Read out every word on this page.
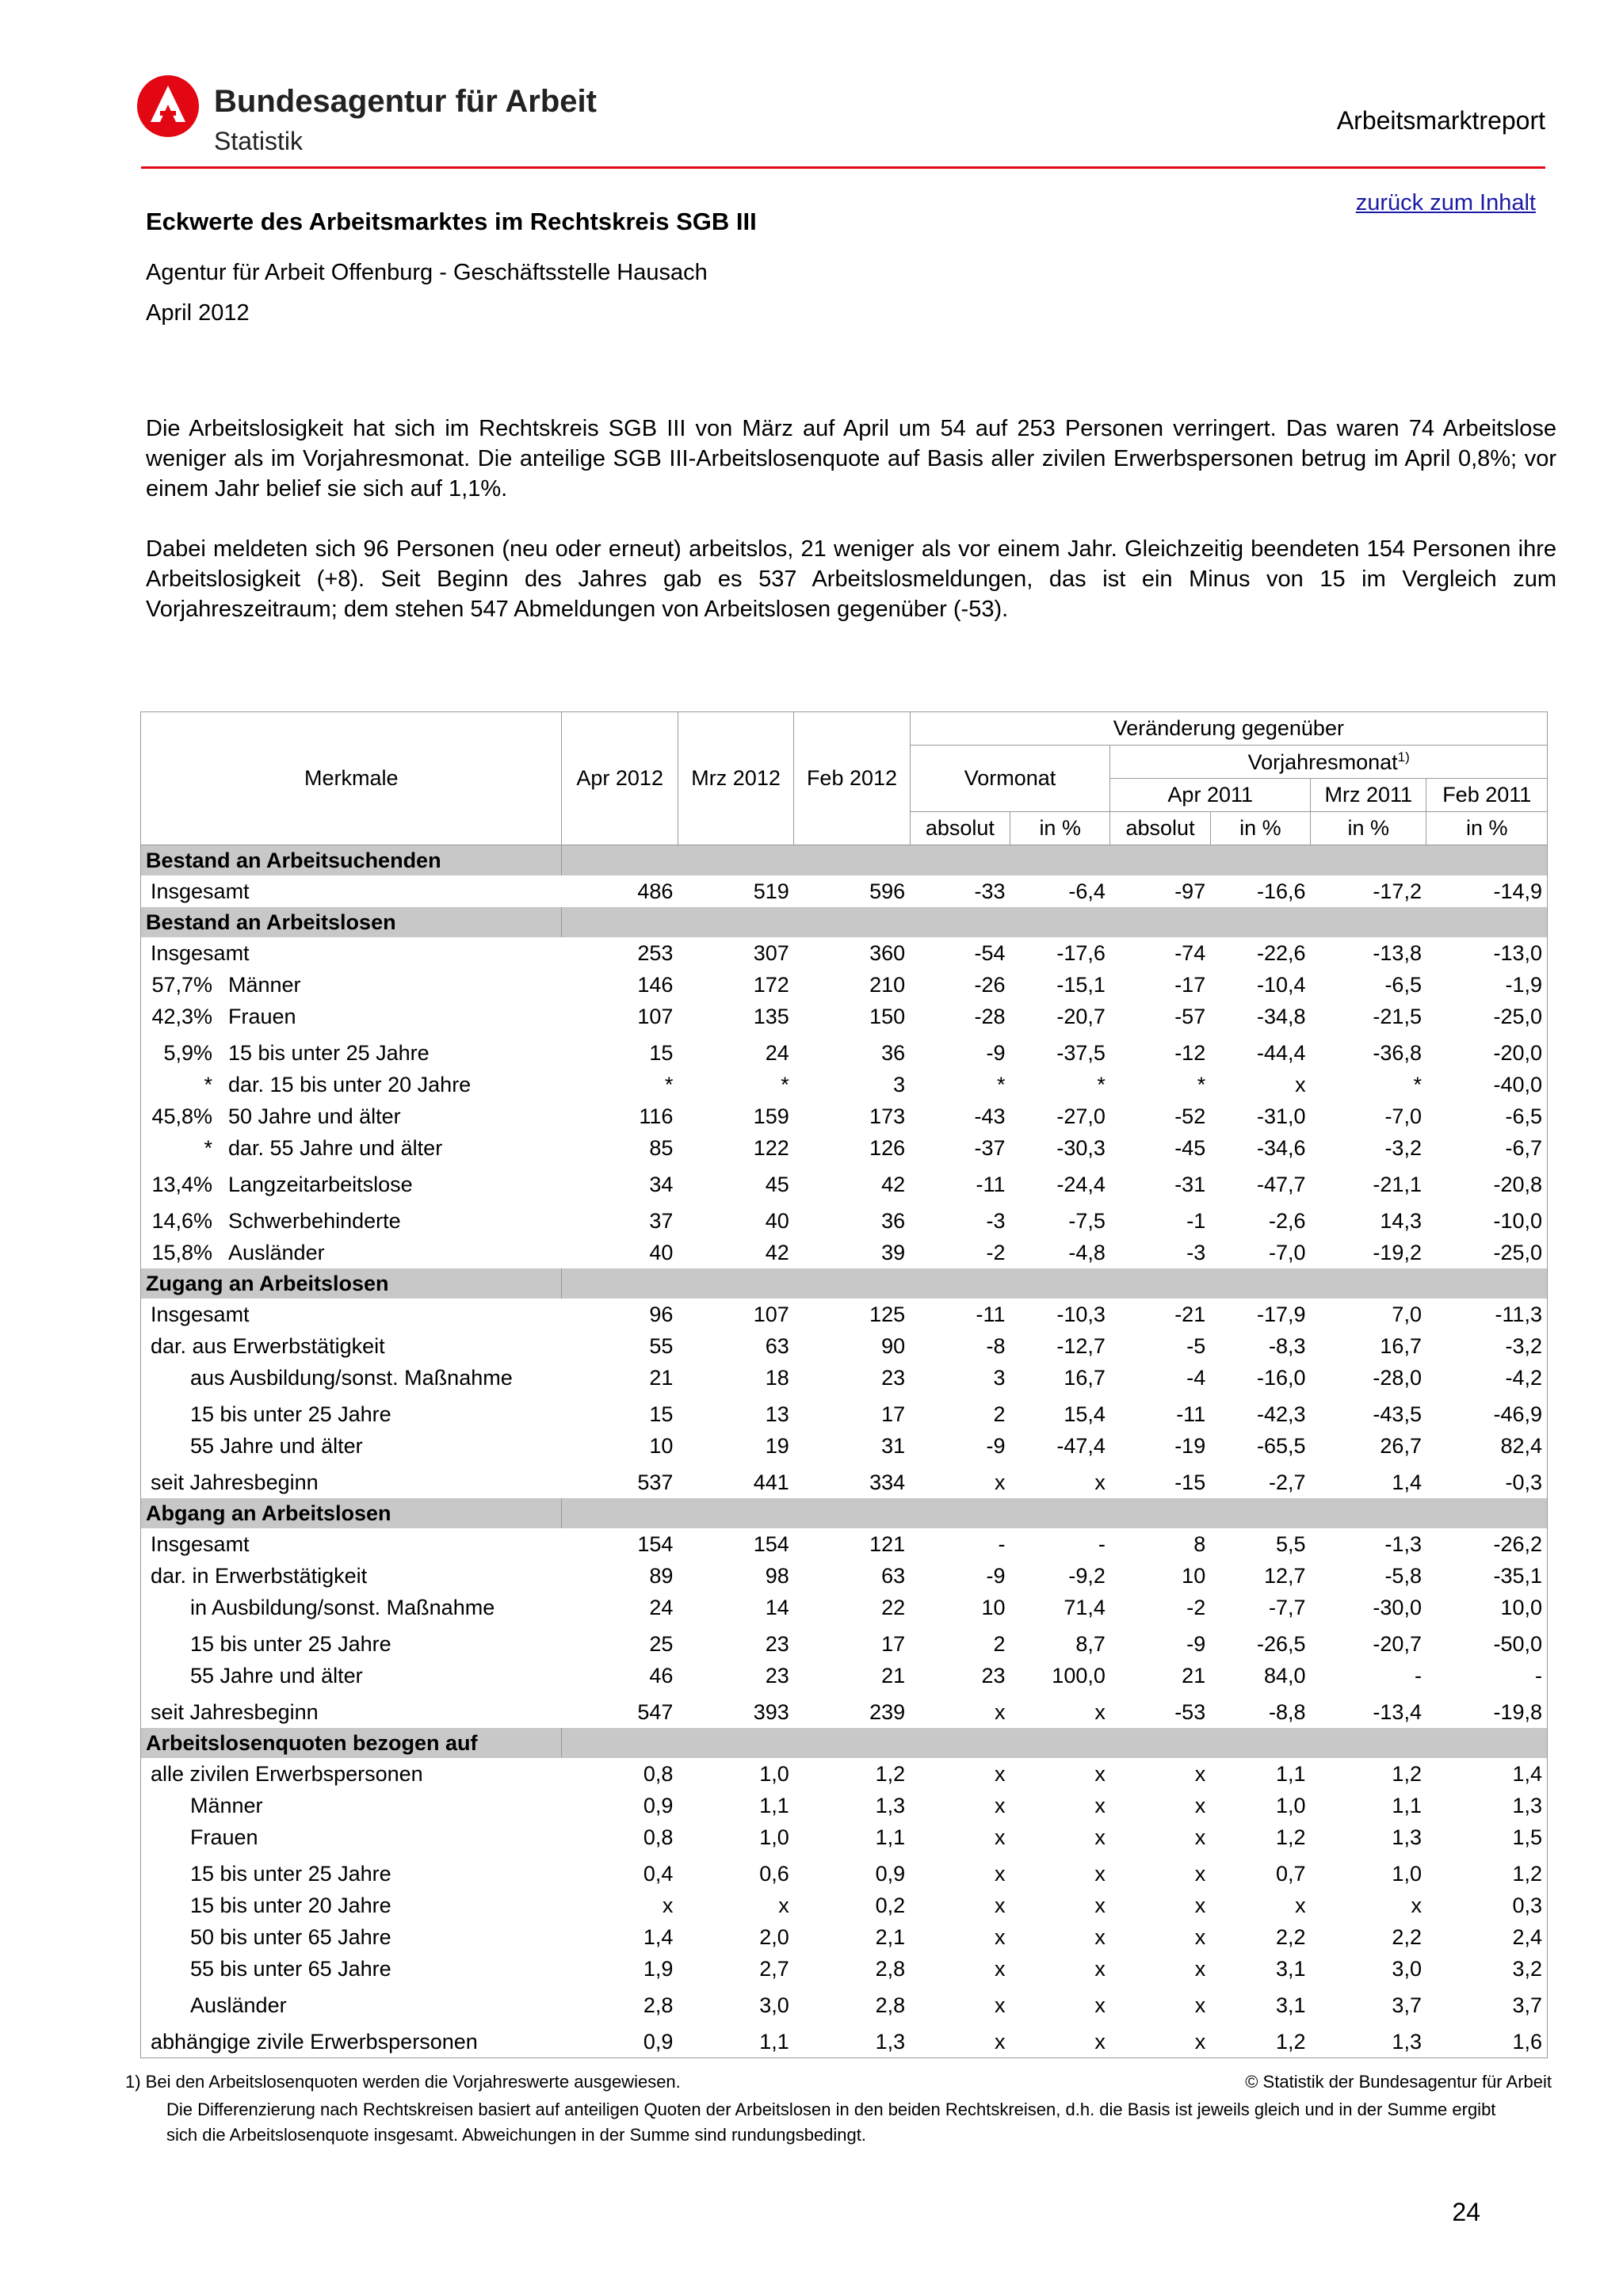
Bundesagentur für Arbeit
Statistik
Arbeitsmarktreport
zurück zum Inhalt
Eckwerte des Arbeitsmarktes im Rechtskreis SGB III
Agentur für Arbeit Offenburg - Geschäftsstelle Hausach
April 2012

Die Arbeitslosigkeit hat sich im Rechtskreis SGB III von März auf April um 54 auf 253 Personen verringert. Das waren 74 Arbeitslose weniger als im Vorjahresmonat. Die anteilige SGB III-Arbeitslosenquote auf Basis aller zivilen Erwerbspersonen betrug im April 0,8%; vor einem Jahr belief sie sich auf 1,1%.

Dabei meldeten sich 96 Personen (neu oder erneut) arbeitslos, 21 weniger als vor einem Jahr. Gleichzeitig beendeten 154 Personen ihre Arbeitslosigkeit (+8). Seit Beginn des Jahres gab es 537 Arbeitslosmeldungen, das ist ein Minus von 15 im Vergleich zum Vorjahreszeitraum; dem stehen 547 Abmeldungen von Arbeitslosen gegenüber (-53).

Merkmale	Apr 2012	Mrz 2012	Feb 2012	Veränderung gegenüber					
				Vormonat		Vorjahresmonat$^{1)}$
						Apr 2011		Mrz 2011	Feb 2011
				absolut	in %	absolut	in %	in %	in %
Bestand an Arbeitsuchenden									
Insgesamt	486	519	596	-33	-6,4	-97	-16,6	-17,2	-14,9
Bestand an Arbeitslosen									
Insgesamt	253	307	360	-54	-17,6	-74	-22,6	-13,8	-13,0
57,7% Männer	146	172	210	-26	-15,1	-17	-10,4	-6,5	-1,9
42,3% Frauen	107	135	150	-28	-20,7	-57	-34,8	-21,5	-25,0
5,9% 15 bis unter 25 Jahre	15	24	36	-9	-37,5	-12	-44,4	-36,8	-20,0
* dar. 15 bis unter 20 Jahre	*	*	3	*	*	*	x	*	-40,0
45,8% 50 Jahre und älter	116	159	173	-43	-27,0	-52	-31,0	-7,0	-6,5
* dar. 55 Jahre und älter	85	122	126	-37	-30,3	-45	-34,6	-3,2	-6,7
13,4% Langzeitarbeitslose	34	45	42	-11	-24,4	-31	-47,7	-21,1	-20,8
14,6% Schwerbehinderte	37	40	36	-3	-7,5	-1	-2,6	14,3	-10,0
15,8% Ausländer	40	42	39	-2	-4,8	-3	-7,0	-19,2	-25,0
Zugang an Arbeitslosen									
Insgesamt	96	107	125	-11	-10,3	-21	-17,9	7,0	-11,3
dar. aus Erwerbstätigkeit	55	63	90	-8	-12,7	-5	-8,3	16,7	-3,2
aus Ausbildung/sonst. Maßnahme	21	18	23	3	16,7	-4	-16,0	-28,0	-4,2
15 bis unter 25 Jahre	15	13	17	2	15,4	-11	-42,3	-43,5	-46,9
55 Jahre und älter	10	19	31	-9	-47,4	-19	-65,5	26,7	82,4
seit Jahresbeginn	537	441	334	x	x	-15	-2,7	1,4	-0,3
Abgang an Arbeitslosen									
Insgesamt	154	154	121	-	-	8	5,5	-1,3	-26,2
dar. in Erwerbstätigkeit	89	98	63	-9	-9,2	10	12,7	-5,8	-35,1
in Ausbildung/sonst. Maßnahme	24	14	22	10	71,4	-2	-7,7	-30,0	10,0
15 bis unter 25 Jahre	25	23	17	2	8,7	-9	-26,5	-20,7	-50,0
55 Jahre und älter	46	23	21	23	100,0	21	84,0	-	-
seit Jahresbeginn	547	393	239	x	x	-53	-8,8	-13,4	-19,8
Arbeitslosenquoten bezogen auf									
alle zivilen Erwerbspersonen	0,8	1,0	1,2	x	x	x	1,1	1,2	1,4
Männer	0,9	1,1	1,3	x	x	x	1,0	1,1	1,3
Frauen	0,8	1,0	1,1	x	x	x	1,2	1,3	1,5
15 bis unter 25 Jahre	0,4	0,6	0,9	x	x	x	0,7	1,0	1,2
15 bis unter 20 Jahre	x	x	0,2	x	x	x	x	x	0,3
50 bis unter 65 Jahre	1,4	2,0	2,1	x	x	x	2,2	2,2	2,4
55 bis unter 65 Jahre	1,9	2,7	2,8	x	x	x	3,1	3,0	3,2
Ausländer	2,8	3,0	2,8	x	x	x	3,1	3,7	3,7
abhängige zivile Erwerbspersonen	0,9	1,1	1,3	x	x	x	1,2	1,3	1,6
1) Bei den Arbeitslosenquoten werden die Vorjahreswerte ausgewiesen.	© Statistik der Bundesagentur für Arbeit

Die Differenzierung nach Rechtskreisen basiert auf anteiligen Quoten der Arbeitslosen in den beiden Rechtskreisen, d.h. die Basis ist jeweils gleich und in der Summe ergibt sich die Arbeitslosenquote insgesamt. Abweichungen in der Summe sind rundungsbedingt.

24
